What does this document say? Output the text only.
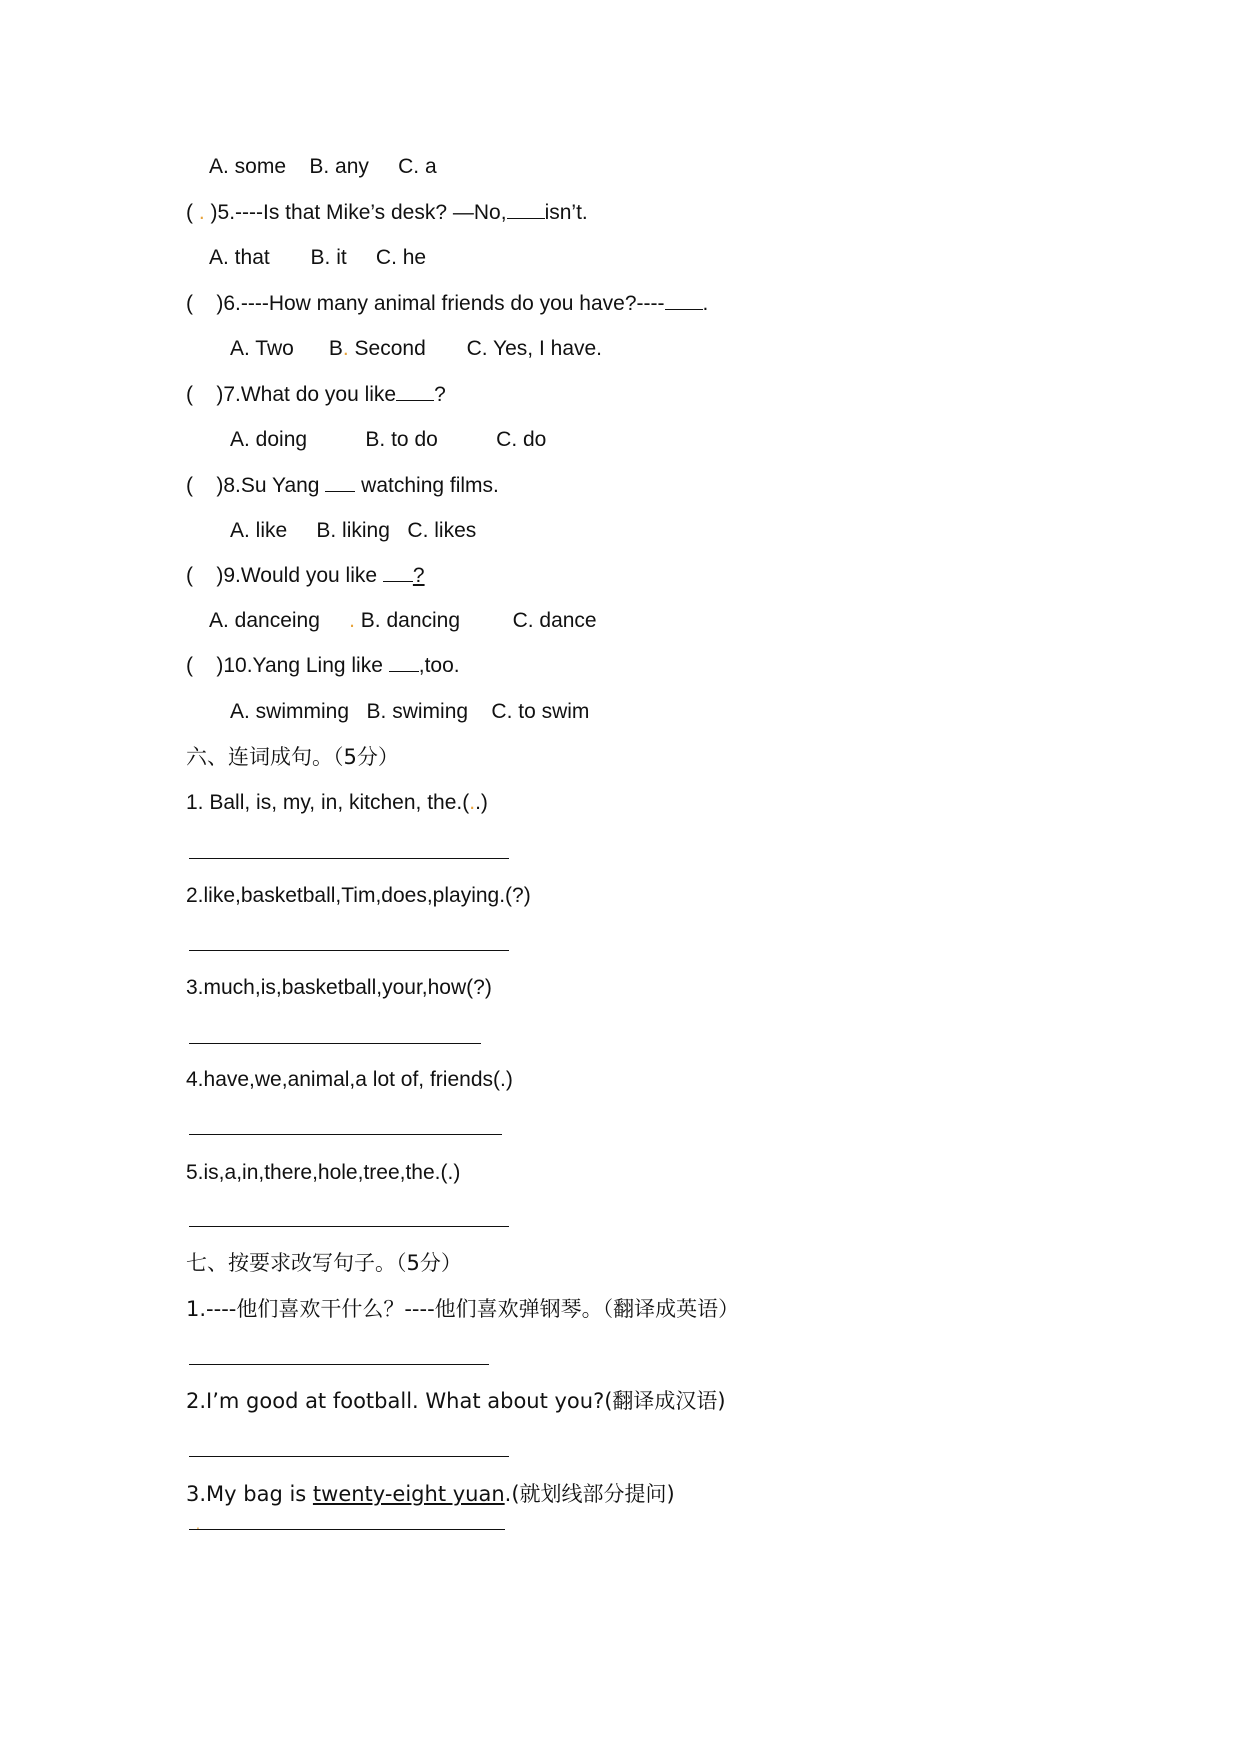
A. some B. any C. a
( . )5.----Is that Mike’s desk? —No, isn’t.
A. that B. it C. he
( )6.----How many animal friends do you have?---- .
A. Two B. Second C. Yes, I have.
( )7.What do you like ?
A. doing	B. to do	C. do
( )8.Su Yang watching films.
A. like B. liking C. likes
( )9.Would you like ?
A. danceing . B. dancing	C. dance
( )10.Yang Ling like ,too.
A. swimming B. swiming C. to swim
六、连词成句。（5分）
1. Ball, is, my, in, kitchen, the.(..)
2.like,basketball,Tim,does,playing.(?)
3.much,is,basketball,your,how(?)
4.have,we,animal,a lot of, friends(.)
5.is,a,in,there,hole,tree,the.(.)
七、按要求改写句子。（5分）
1.----他们喜欢干什么？----他们喜欢弹钢琴。（翻译成英语）
2.I’m good at football. What about you?(翻译成汉语)
3.My bag is twenty-eight yuan.(就划线部分提问)
.
